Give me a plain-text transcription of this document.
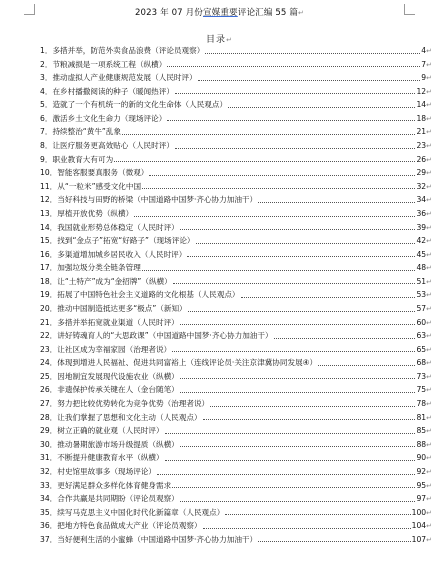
2023 年 07 月份宣媒重要评论汇编 55 篇↵
目录↵
1 ． 多措并举，防范外卖食品浪费（评论员观察）	4 ↵
2 ． 节粮减损是一项系统工程（纵横）	7 ↵
3 ． 推动虚拟人产业健康规范发展（人民时评）	9 ↵
4 ． 在乡村播撒阅读的种子（暖闻热评）	12 ↵
5 ． 造就了一个有机统一的新的文化生命体（人民观点）	14 ↵
6 ． 激活乡土文化生命力（现场评论）	18 ↵
7 ． 持续整治“黄牛”乱象	21 ↵
8 ． 让医疗服务更高效贴心（人民时评）	23 ↵
9 ． 职业教育大有可为	26 ↵
10 ． 智能客服要真服务（微观）	29 ↵
11 ． 从“一粒米”感受文化中国	32 ↵
12 ． 当好科技与田野的桥梁（中国道路中国梦·齐心协力加油干）	34 ↵
13 ． 厚植开放优势（纵横）	36 ↵
14 ． 我国就业形势总体稳定（人民时评）	39 ↵
15 ． 找到“金点子”拓宽“好路子”（现场评论）	42 ↵
16 ． 多渠道增加城乡居民收入（人民时评）	45 ↵
17 ． 加强垃圾分类全链条管理	48 ↵
18 ． 让“土特产”成为“金招牌”（纵横）	51 ↵
19 ． 拓展了中国特色社会主义道路的文化根基（人民观点）	53 ↵
20 ． 推动中国制造抵达更多“极点”（新知）	57 ↵
21 ． 多措并举拓宽就业渠道（人民时评）	60 ↵
22 ． 讲好铸魂育人的“大思政课”（中国道路中国梦·齐心协力加油干）	63 ↵
23 ． 让社区成为幸福家园（治理者说）	65 ↵
24 ． 体现到增进人民福祉、促进共同富裕上（连线评论员·关注京津冀协同发展④）	68 ↵
25 ． 因地制宜发展现代设施农业（纵横）	73 ↵
26 ． 非遗保护传承关键在人（金台随笔）	75 ↵
27 ． 努力把比较优势转化为竞争优势（治理者说）	78 ↵
28 ． 让我们掌握了思想和文化主动（人民观点）	81 ↵
29 ． 树立正确的就业观（人民时评）	85 ↵
30 ． 推动暑期旅游市场升级提质（纵横）	88 ↵
31 ． 不断提升健康教育水平（纵横）	90 ↵
32 ． 村史馆里故事多（现场评论）	92 ↵
33 ． 更好满足群众多样化体育健身需求	95 ↵
34 ． 合作共赢是共同期盼（评论员观察）	97 ↵
35 ． 续写马克思主义中国化时代化新篇章（人民观点）	100 ↵
36 ． 把地方特色食品做成大产业（评论员观察）	104 ↵
37 ． 当好便利生活的小蜜蜂（中国道路中国梦·齐心协力加油干）	107 ↵
